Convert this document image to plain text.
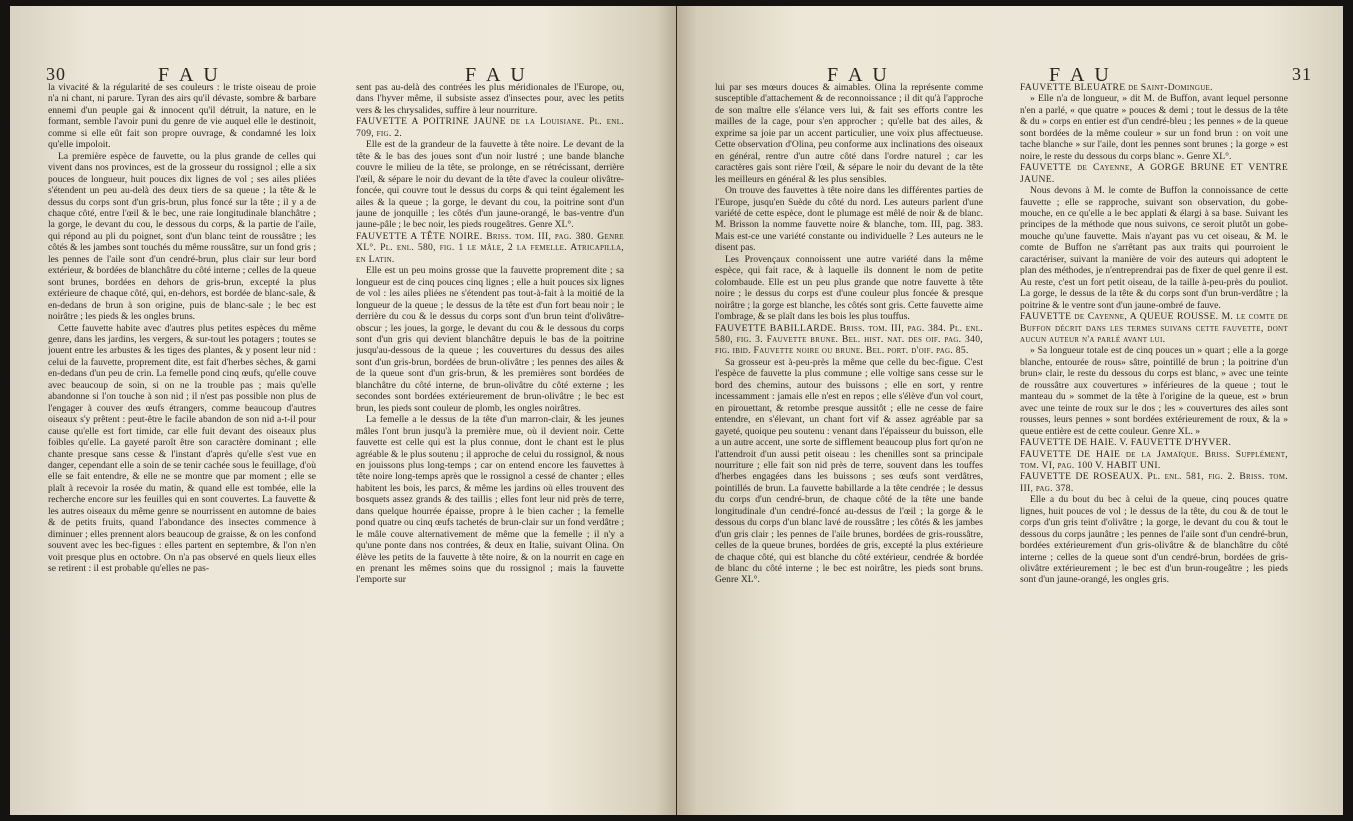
30	F A U	F A U

la vivacité & la régularité de ses couleurs : le triste oiseau de proie n'a ni chant, ni parure. Tyran des airs qu'il dévaste, sombre & barbare ennemi d'un peuple gai & innocent qu'il détruit, la nature, en le formant, semble l'avoir puni du genre de vie auquel elle le destinoit, comme si elle eût fait son propre ouvrage, & condamné les loix qu'elle impoloit.

La première espèce de fauvette, ou la plus grande de celles qui vivent dans nos provinces, est de la grosseur du rossignol ; elle a six pouces de longueur, huit pouces dix lignes de vol ; ses ailes pliées s'étendent un peu au-delà des deux tiers de sa queue ; la tête & le dessus du corps sont d'un gris-brun, plus foncé sur la tête ; il y a de chaque côté, entre l'œil & le bec, une raie longitudinale blanchâtre ; la gorge, le devant du cou, le dessous du corps, & la partie de l'aile, qui répond au pli du poignet, sont d'un blanc teint de roussâtre ; les côtés & les jambes sont touchés du même roussâtre, sur un fond gris ; les pennes de l'aile sont d'un cendré-brun, plus clair sur leur bord extérieur, & bordées de blanchâtre du côté interne ; celles de la queue sont brunes, bordées en dehors de gris-brun, excepté la plus extérieure de chaque côté, qui, en-dehors, est bordée de blanc-sale, & en-dedans de brun à son origine, puis de blanc-sale ; le bec est noirâtre ; les pieds & les ongles bruns.

Cette fauvette habite avec d'autres plus petites espèces du même genre, dans les jardins, les vergers, & sur-tout les potagers ; toutes se jouent entre les arbustes & les tiges des plantes, & y posent leur nid : celui de la fauvette, proprement dite, est fait d'herbes sèches, & garni en-dedans d'un peu de crin. La femelle pond cinq œufs, qu'elle couve avec beaucoup de soin, si on ne la trouble pas ; mais qu'elle abandonne si l'on touche à son nid ; il n'est pas possible non plus de l'engager à couver des œufs étrangers, comme beaucoup d'autres oiseaux s'y prêtent : peut-être le facile abandon de son nid a-t-il pour cause qu'elle est fort timide, car elle fuit devant des oiseaux plus foibles qu'elle. La gayeté paroît être son caractère dominant ; elle chante presque sans cesse & l'instant d'après qu'elle s'est vue en danger, cependant elle a soin de se tenir cachée sous le feuillage, d'où elle se fait entendre, & elle ne se montre que par moment ; elle se plaît à recevoir la rosée du matin, & quand elle est tombée, elle la recherche encore sur les feuilles qui en sont couvertes. La fauvette & les autres oiseaux du même genre se nourrissent en automne de baies & de petits fruits, quand l'abondance des insectes commence à diminuer ; elles prennent alors beaucoup de graisse, & on les confond souvent avec les bec-figues : elles partent en septembre, & l'on n'en voit presque plus en octobre. On n'a pas observé en quels lieux elles se retirent : il est probable qu'elles ne pas-

sent pas au-delà des contrées les plus méridionales de l'Europe, ou, dans l'hyver même, il subsiste assez d'insectes pour, avec les petits vers & les chrysalides, suffire à leur nourriture.

FAUVETTE A POITRINE JAUNE de la Louisiane. Pl. enl. 709, fig. 2.

Elle est de la grandeur de la fauvette à tête noire. Le devant de la tête & le bas des joues sont d'un noir lustré ; une bande blanche couvre le milieu de la tête, se prolonge, en se rétrécissant, derrière l'œil, & sépare le noir du devant de la tête d'avec la couleur olivâtre-foncée, qui couvre tout le dessus du corps & qui teint également les ailes & la queue ; la gorge, le devant du cou, la poitrine sont d'un jaune de jonquille ; les côtés d'un jaune-orangé, le bas-ventre d'un jaune-pâle ; le bec noir, les pieds rougeâtres. Genre XL°.

FAUVETTE A TÊTE NOIRE. Briss. tom. III, pag. 380. Genre XL°. Pl. enl. 580, fig. 1 le mâle, 2 la femelle. Atricapilla, en Latin.

Elle est un peu moins grosse que la fauvette proprement dite ; sa longueur est de cinq pouces cinq lignes ; elle a huit pouces six lignes de vol : les ailes pliées ne s'étendent pas tout-à-fait à la moitié de la longueur de la queue ; le dessus de la tête est d'un fort beau noir ; le derrière du cou & le dessus du corps sont d'un brun teint d'olivâtre-obscur ; les joues, la gorge, le devant du cou & le dessous du corps sont d'un gris qui devient blanchâtre depuis le bas de la poitrine jusqu'au-dessous de la queue ; les couvertures du dessus des ailes sont d'un gris-brun, bordées de brun-olivâtre ; les pennes des ailes & de la queue sont d'un gris-brun, & les premières sont bordées de blanchâtre du côté interne, de brun-olivâtre du côté externe ; les secondes sont bordées extérieurement de brun-olivâtre ; le bec est brun, les pieds sont couleur de plomb, les ongles noirâtres.

La femelle a le dessus de la tête d'un marron-clair, & les jeunes mâles l'ont brun jusqu'à la première mue, où il devient noir. Cette fauvette est celle qui est la plus connue, dont le chant est le plus agréable & le plus soutenu ; il approche de celui du rossignol, & nous en jouissons plus long-temps ; car on entend encore les fauvettes à tête noire long-temps après que le rossignol a cessé de chanter ; elles habitent les bois, les parcs, & même les jardins où elles trouvent des bosquets assez grands & des taillis ; elles font leur nid près de terre, dans quelque hourrée épaisse, propre à le bien cacher ; la femelle pond quatre ou cinq œufs tachetés de brun-clair sur un fond verdâtre ; le mâle couve alternativement de même que la femelle ; il n'y a qu'une ponte dans nos contrées, & deux en Italie, suivant Olina. On élève les petits de la fauvette à tête noire, & on la nourrit en cage en en prenant les mêmes soins que du rossignol ; mais la fauvette l'emporte sur

F A U	F A U	31

lui par ses mœurs douces & aimables. Olina la représente comme susceptible d'attachement & de reconnoissance ; il dit qu'à l'approche de son maître elle s'élance vers lui, & fait ses efforts contre les mailles de la cage, pour s'en approcher ; qu'elle bat des ailes, & exprime sa joie par un accent particulier, une voix plus affectueuse. Cette observation d'Olina, peu conforme aux inclinations des oiseaux en général, rentre d'un autre côté dans l'ordre naturel ; car les caractères gais sont rière l'œil, & sépare le noir du devant de la tête les meilleurs en général & les plus sensibles.

On trouve des fauvettes à tête noire dans les différentes parties de l'Europe, jusqu'en Suède du côté du nord. Les auteurs parlent d'une variété de cette espèce, dont le plumage est mêlé de noir & de blanc. M. Brisson la nomme fauvette noire & blanche, tom. III, pag. 383. Mais est-ce une variété constante ou individuelle ? Les auteurs ne le disent pas.

Les Provençaux connoissent une autre variété dans la même espèce, qui fait race, & à laquelle ils donnent le nom de petite colombaude. Elle est un peu plus grande que notre fauvette à tête noire ; le dessus du corps est d'une couleur plus foncée & presque noirâtre ; la gorge est blanche, les côtés sont gris. Cette fauvette aime l'ombrage, & se plaît dans les bois les plus touffus.

FAUVETTE BABILLARDE. Briss. tom. III, pag. 384. Pl. enl. 580, fig. 3. Fauvette brune. Bel. hist. nat. des oif. pag. 340, fig. ibid. Fauvette noire ou brune. Bel. port. d'oif. pag. 85.

Sa grosseur est à-peu-près la même que celle du bec-figue. C'est l'espèce de fauvette la plus commune ; elle voltige sans cesse sur le bord des chemins, autour des buissons ; elle en sort, y rentre incessamment : jamais elle n'est en repos ; elle s'élève d'un vol court, en pirouettant, & retombe presque aussitôt ; elle ne cesse de faire entendre, en s'élevant, un chant fort vif & assez agréable par sa gayeté, quoique peu soutenu : venant dans l'épaisseur du buisson, elle a un autre accent, une sorte de sifflement beaucoup plus fort qu'on ne l'attendroit d'un aussi petit oiseau : les chenilles sont sa principale nourriture ; elle fait son nid près de terre, souvent dans les touffes d'herbes engagées dans les buissons ; ses œufs sont verdâtres, pointillés de brun. La fauvette babillarde a la tête cendrée ; le dessus du corps d'un cendré-brun, de chaque côté de la tête une bande longitudinale d'un cendré-foncé au-dessus de l'œil ; la gorge & le dessous du corps d'un blanc lavé de roussâtre ; les côtés & les jambes d'un gris clair ; les pennes de l'aile brunes, bordées de gris-roussâtre, celles de la queue brunes, bordées de gris, excepté la plus extérieure de chaque côté, qui est blanche du côté extérieur, cendrée & bordée de blanc du côté interne ; le bec est noirâtre, les pieds sont bruns. Genre XL°.

FAUVETTE BLEUATRE de Saint-Domingue.

» Elle n'a de longueur, » dit M. de Buffon, avant lequel personne n'en a parlé, « que quatre » pouces & demi ; tout le dessus de la tête & du » corps en entier est d'un cendré-bleu ; les pennes » de la queue sont bordées de la même couleur » sur un fond brun : on voit une tache blanche » sur l'aile, dont les pennes sont brunes ; la gorge » est noire, le reste du dessous du corps blanc ». Genre XL°.

FAUVETTE de Cayenne, A GORGE BRUNE ET VENTRE JAUNE.

Nous devons à M. le comte de Buffon la connoissance de cette fauvette ; elle se rapproche, suivant son observation, du gobe-mouche, en ce qu'elle a le bec applati & élargi à sa base. Suivant les principes de la méthode que nous suivons, ce seroit plutôt un gobe-mouche qu'une fauvette. Mais n'ayant pas vu cet oiseau, & M. le comte de Buffon ne s'arrêtant pas aux traits qui pourroient le caractériser, suivant la manière de voir des auteurs qui adoptent le plan des méthodes, je n'entreprendrai pas de fixer de quel genre il est. Au reste, c'est un fort petit oiseau, de la taille à-peu-près du pouliot. La gorge, le dessus de la tête & du corps sont d'un brun-verdâtre ; la poitrine & le ventre sont d'un jaune-ombré de fauve.

FAUVETTE de Cayenne, A QUEUE ROUSSE. M. le comte de Buffon décrit dans les termes suivans cette fauvette, dont aucun auteur n'a parlé avant lui.

» Sa longueur totale est de cinq pouces un » quart ; elle a la gorge blanche, entourée de rous» sâtre, pointillé de brun ; la poitrine d'un brun» clair, le reste du dessous du corps est blanc, » avec une teinte de roussâtre aux couvertures » inférieures de la queue ; tout le manteau du » sommet de la tête à l'origine de la queue, est » brun avec une teinte de roux sur le dos ; les » couvertures des ailes sont rousses, leurs pennes » sont bordées extérieurement de roux, & la » queue entière est de cette couleur. Genre XL. »

FAUVETTE DE HAIE. V. FAUVETTE D'HYVER.

FAUVETTE DE HAIE de la Jamaïque. Briss. Supplément, tom. VI, pag. 100 V. HABIT UNI.

FAUVETTE DE ROSEAUX. Pl. enl. 581, fig. 2. Briss. tom. III, pag. 378.

Elle a du bout du bec à celui de la queue, cinq pouces quatre lignes, huit pouces de vol ; le dessus de la tête, du cou & de tout le corps d'un gris teint d'olivâtre ; la gorge, le devant du cou & tout le dessous du corps jaunâtre ; les pennes de l'aile sont d'un cendré-brun, bordées extérieurement d'un gris-olivâtre & de blanchâtre du côté interne ; celles de la queue sont d'un cendré-brun, bordées de gris-olivâtre extérieurement ; le bec est d'un brun-rougeâtre ; les pieds sont d'un jaune-orangé, les ongles gris.
